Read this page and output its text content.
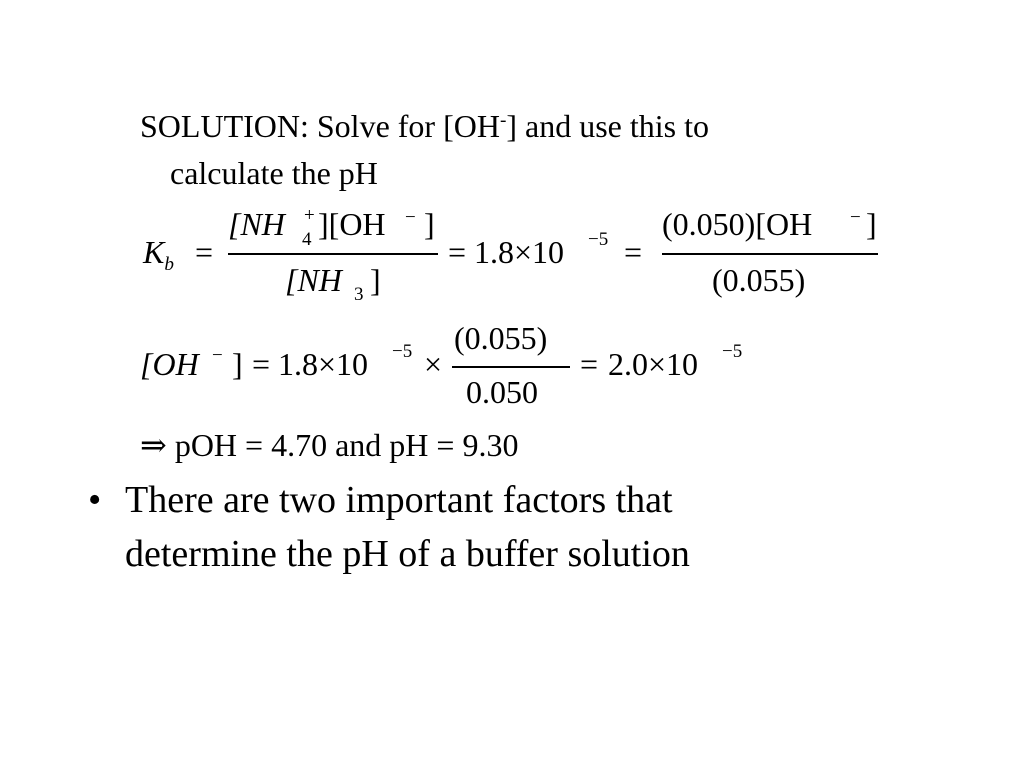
SOLUTION: Solve for [OH-] and use this to
calculate the pH
$K_b$ =
[NH +
4 ][OH − ]
[NH 3 ]
= 1.8×10 −5 =
(0.050)[OH − ]
(0.055)
[OH − ] = 1.8×10 −5 ×
(0.055)
0.050
= 2.0×10 −5
⇒ pOH = 4.70 and pH = 9.30
• There are two important factors that
determine the pH of a buffer solution
